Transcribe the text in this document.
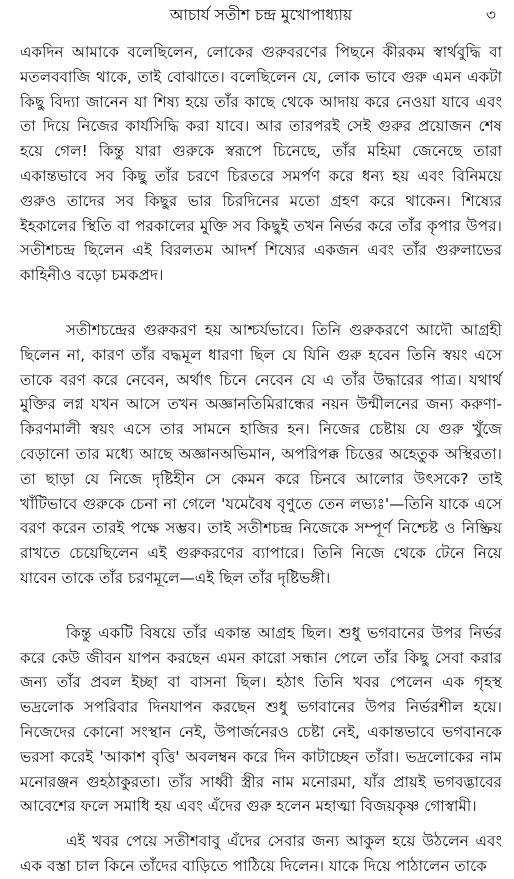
আচার্য সতীশ চন্দ্র মুখোপাধ্যায়	৩

একদিন আমাকে বলেছিলেন, লোকের গুরুবরণের পিছনে কীরকম স্বার্থবুদ্ধি বা মতলববাজি থাকে, তাই বোঝাতে। বলেছিলেন যে, লোক ভাবে গুরু এমন একটা কিছু বিদ্যা জানেন যা শিষ্য হয়ে তাঁর কাছে থেকে আদায় করে নেওয়া যাবে এবং তা দিয়ে নিজের কার্যসিদ্ধি করা যাবে। আর তারপরই সেই গুরুর প্রয়োজন শেষ হয়ে গেল! কিন্তু যারা গুরুকে স্বরূপে চিনেছে, তাঁর মহিমা জেনেছে তারা একান্তভাবে সব কিছু তাঁর চরণে চিরতরে সমর্পণ করে ধন্য হয় এবং বিনিময়ে গুরুও তাদের সব কিছুর ভার চিরদিনের মতো গ্রহণ করে থাকেন। শিষ্যের ইহকালের স্থিতি বা পরকালের মুক্তি সব কিছুই তখন নির্ভর করে তাঁর কৃপার উপর। সতীশচন্দ্র ছিলেন এই বিরলতম আদর্শ শিষ্যের একজন এবং তাঁর গুরুলাভের কাহিনীও বড়ো চমকপ্রদ।

সতীশচন্দ্রের গুরুকরণ হয় আশ্চর্যভাবে। তিনি গুরুকরণে আদৌ আগ্রহী ছিলেন না, কারণ তাঁর বদ্ধমূল ধারণা ছিল যে যিনি গুরু হবেন তিনি স্বয়ং এসে তাকে বরণ করে নেবেন, অর্থাৎ চিনে নেবেন যে এ তাঁর উদ্ধারের পাত্র। যথার্থ মুক্তির লগ্ন যখন আসে তখন অজ্ঞানতিমিরান্ধের নয়ন উন্মীলনের জন্য করুণা-কিরণমালী স্বয়ং এসে তার সামনে হাজির হন। নিজের চেষ্টায় যে গুরু খুঁজে বেড়ানো তার মধ্যে আছে অজ্ঞানঅভিমান, অপরিপক্ক চিত্তের অহেতুক অস্থিরতা। তা ছাড়া যে নিজে দৃষ্টিহীন সে কেমন করে চিনবে আলোর উৎসকে? তাই খাঁটিভাবে গুরুকে চেনা না গেলে 'যমেবৈষ বৃণুতে তেন লভ্যঃ'—তিনি যাকে এসে বরণ করেন তারই পক্ষে সম্ভব। তাই সতীশচন্দ্র নিজেকে সম্পূর্ণ নিশ্চেষ্ট ও নিষ্ক্রিয় রাখতে চেয়েছিলেন এই গুরুকরণের ব্যাপারে। তিনি নিজে থেকে টেনে নিয়ে যাবেন তাকে তাঁর চরণমূলে—এই ছিল তাঁর দৃষ্টিভঙ্গী।

কিন্তু একটি বিষয়ে তাঁর একান্ত আগ্রহ ছিল। শুধু ভগবানের উপর নির্ভর করে কেউ জীবন যাপন করছেন এমন কারো সন্ধান পেলে তাঁর কিছু সেবা করার জন্য তাঁর প্রবল ইচ্ছা বা বাসনা ছিল। হঠাৎ তিনি খবর পেলেন এক গৃহস্থ ভদ্রলোক সপরিবার দিনযাপন করছেন শুধু ভগবানের উপর নির্ভরশীল হয়ে। নিজেদের কোনো সংস্থান নেই, উপার্জনেরও চেষ্টা নেই, একান্তভাবে ভগবানকে ভরসা করেই 'আকাশ বৃত্তি' অবলম্বন করে দিন কাটাচ্ছেন তাঁরা। ভদ্রলোকের নাম মনোরঞ্জন গুহঠাকুরতা। তাঁর সাধ্বী স্ত্রীর নাম মনোরমা, যাঁর প্রায়ই ভগবদ্ভাবের আবেশের ফলে সমাধি হয় এবং এঁদের গুরু হলেন মহাত্মা বিজয়কৃষ্ণ গোস্বামী।

এই খবর পেয়ে সতীশবাবু এঁদের সেবার জন্য আকুল হয়ে উঠলেন এবং এক বস্তা চাল কিনে তাঁদের বাড়িতে পাঠিয়ে দিলেন। যাকে দিয়ে পাঠালেন তাকে
